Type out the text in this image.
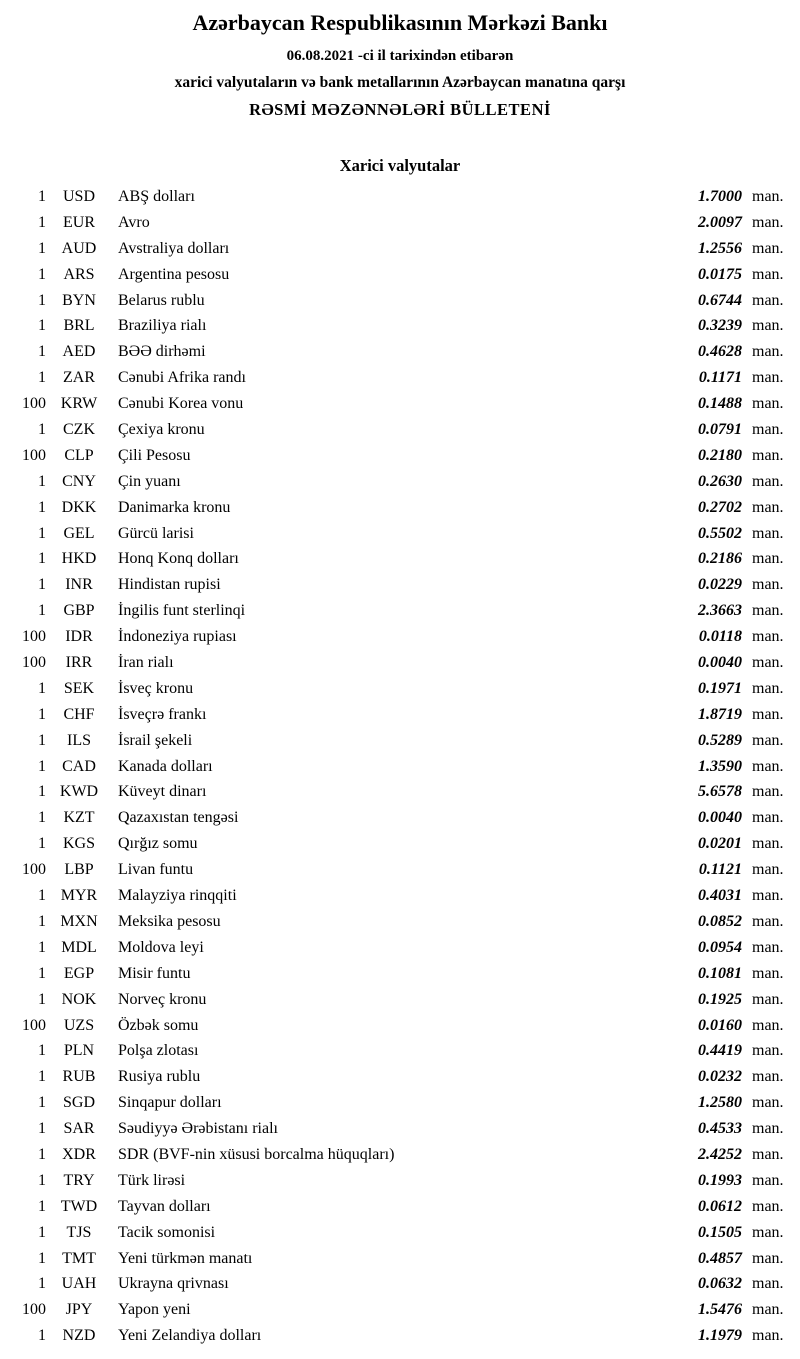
Azərbaycan Respublikasının Mərkəzi Bankı
06.08.2021 -ci il tarixindən etibarən
xarici valyutaların və bank metallarının Azərbaycan manatına qarşı
RƏSMİ MƏZƏNNƏLƏRİ BÜLLETENİ
Xarici valyutalar
1	USD	ABŞ dolları	1.7000 man.
1	EUR	Avro	2.0097 man.
1 AUD	Avstraliya dolları	1.2556 man.
1	ARS	Argentina pesosu	0.0175 man.
1	BYN	Belarus rublu	0.6744 man.
1	BRL	Braziliya rialı	0.3239 man.
1	AED	BƏƏ dirhəmi	0.4628 man.
1	ZAR	Cənubi Afrika randı	0.1171 man.
100 KRW	Cənubi Korea vonu	0.1488 man.
1	CZK	Çexiya kronu	0.0791 man.
100	CLP	Çili Pesosu	0.2180 man.
1	CNY	Çin yuanı	0.2630 man.
1 DKK	Danimarka kronu	0.2702 man.
1	GEL	Gürcü larisi	0.5502 man.
1 HKD	Honq Konq dolları	0.2186 man.
1	INR	Hindistan rupisi	0.0229 man.
1	GBP	İngilis funt sterlinqi	2.3663 man.
100	IDR	İndoneziya rupiası	0.0118 man.
100	IRR	İran rialı	0.0040 man.
1	SEK	İsveç kronu	0.1971 man.
1	CHF	İsveçrə frankı	1.8719 man.
1	ILS	İsrail şekeli	0.5289 man.
1	CAD	Kanada dolları	1.3590 man.
1 KWD	Küveyt dinarı	5.6578 man.
1	KZT	Qazaxıstan tengəsi	0.0040 man.
1	KGS	Qırğız somu	0.0201 man.
100	LBP	Livan funtu	0.1121 man.
1 MYR	Malayziya rinqqiti	0.4031 man.
1 MXN	Meksika pesosu	0.0852 man.
1 MDL	Moldova leyi	0.0954 man.
1	EGP	Misir funtu	0.1081 man.
1 NOK	Norveç kronu	0.1925 man.
100	UZS	Özbək somu	0.0160 man.
1	PLN	Polşa zlotası	0.4419 man.
1	RUB	Rusiya rublu	0.0232 man.
1	SGD	Sinqapur dolları	1.2580 man.
1	SAR	Səudiyyə Ərəbistanı rialı	0.4533 man.
1	XDR	SDR (BVF-nin xüsusi borcalma hüquqları)	2.4252 man.
1	TRY	Türk lirəsi	0.1993 man.
1 TWD	Tayvan dolları	0.0612 man.
1	TJS	Tacik somonisi	0.1505 man.
1	TMT	Yeni türkmən manatı	0.4857 man.
1 UAH	Ukrayna qrivnası	0.0632 man.
100	JPY	Yapon yeni	1.5476 man.
1	NZD	Yeni Zelandiya dolları	1.1979 man.
